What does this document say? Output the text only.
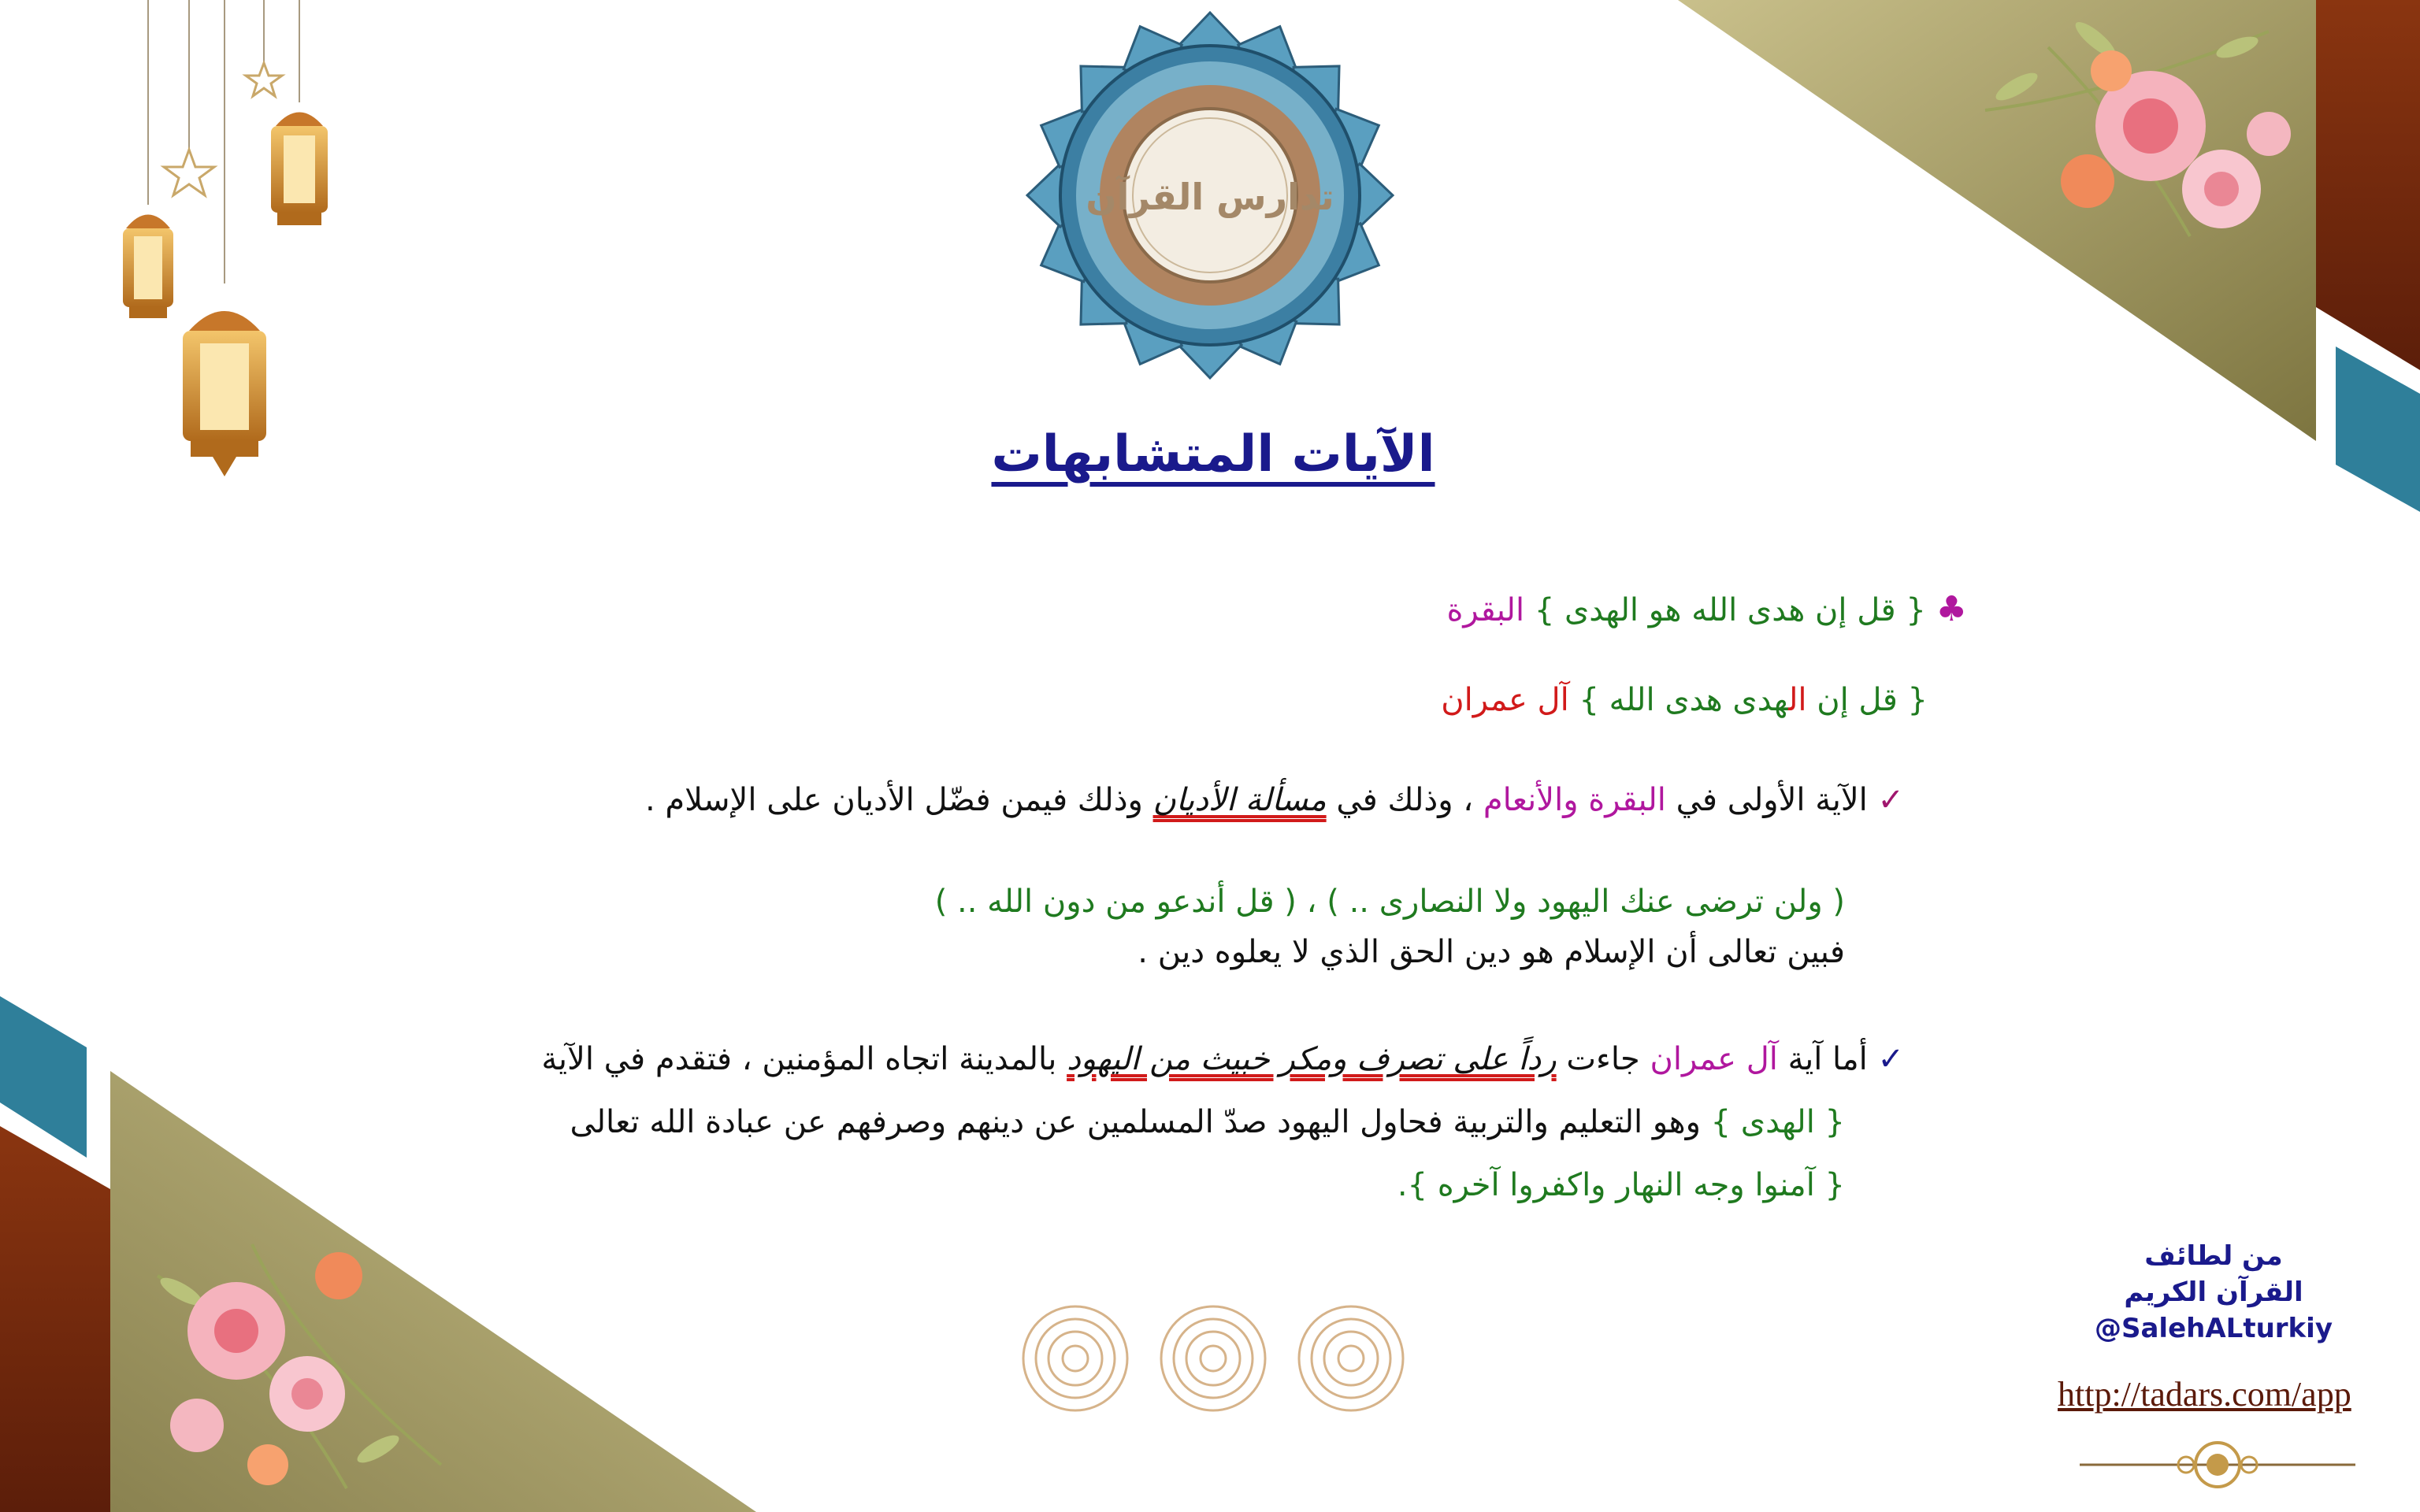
تدارس القرآن
الآيات المتشابهات
♣ { قل إن هدى الله هو الهدى } البقرة
{ قل إن الهدى هدى الله } آل عمران
✓ الآية الأولى في البقرة والأنعام ، وذلك في مسألة الأديان وذلك فيمن فضّل الأديان على الإسلام .
( ولن ترضى عنك اليهود ولا النصارى .. ) ، ( قل أندعو من دون الله .. )
فبين تعالى أن الإسلام هو دين الحق الذي لا يعلوه دين .
✓ أما آية آل عمران جاءت رداً على تصرف ومكر خبيث من اليهود بالمدينة اتجاه المؤمنين ، فتقدم في الآية
{ الهدى } وهو التعليم والتربية فحاول اليهود صدّ المسلمين عن دينهم وصرفهم عن عبادة الله تعالى
{ آمنوا وجه النهار واكفروا آخره }.
من لطائف
القرآن الكريم
@SalehALturkiy
http://tadars.com/app
